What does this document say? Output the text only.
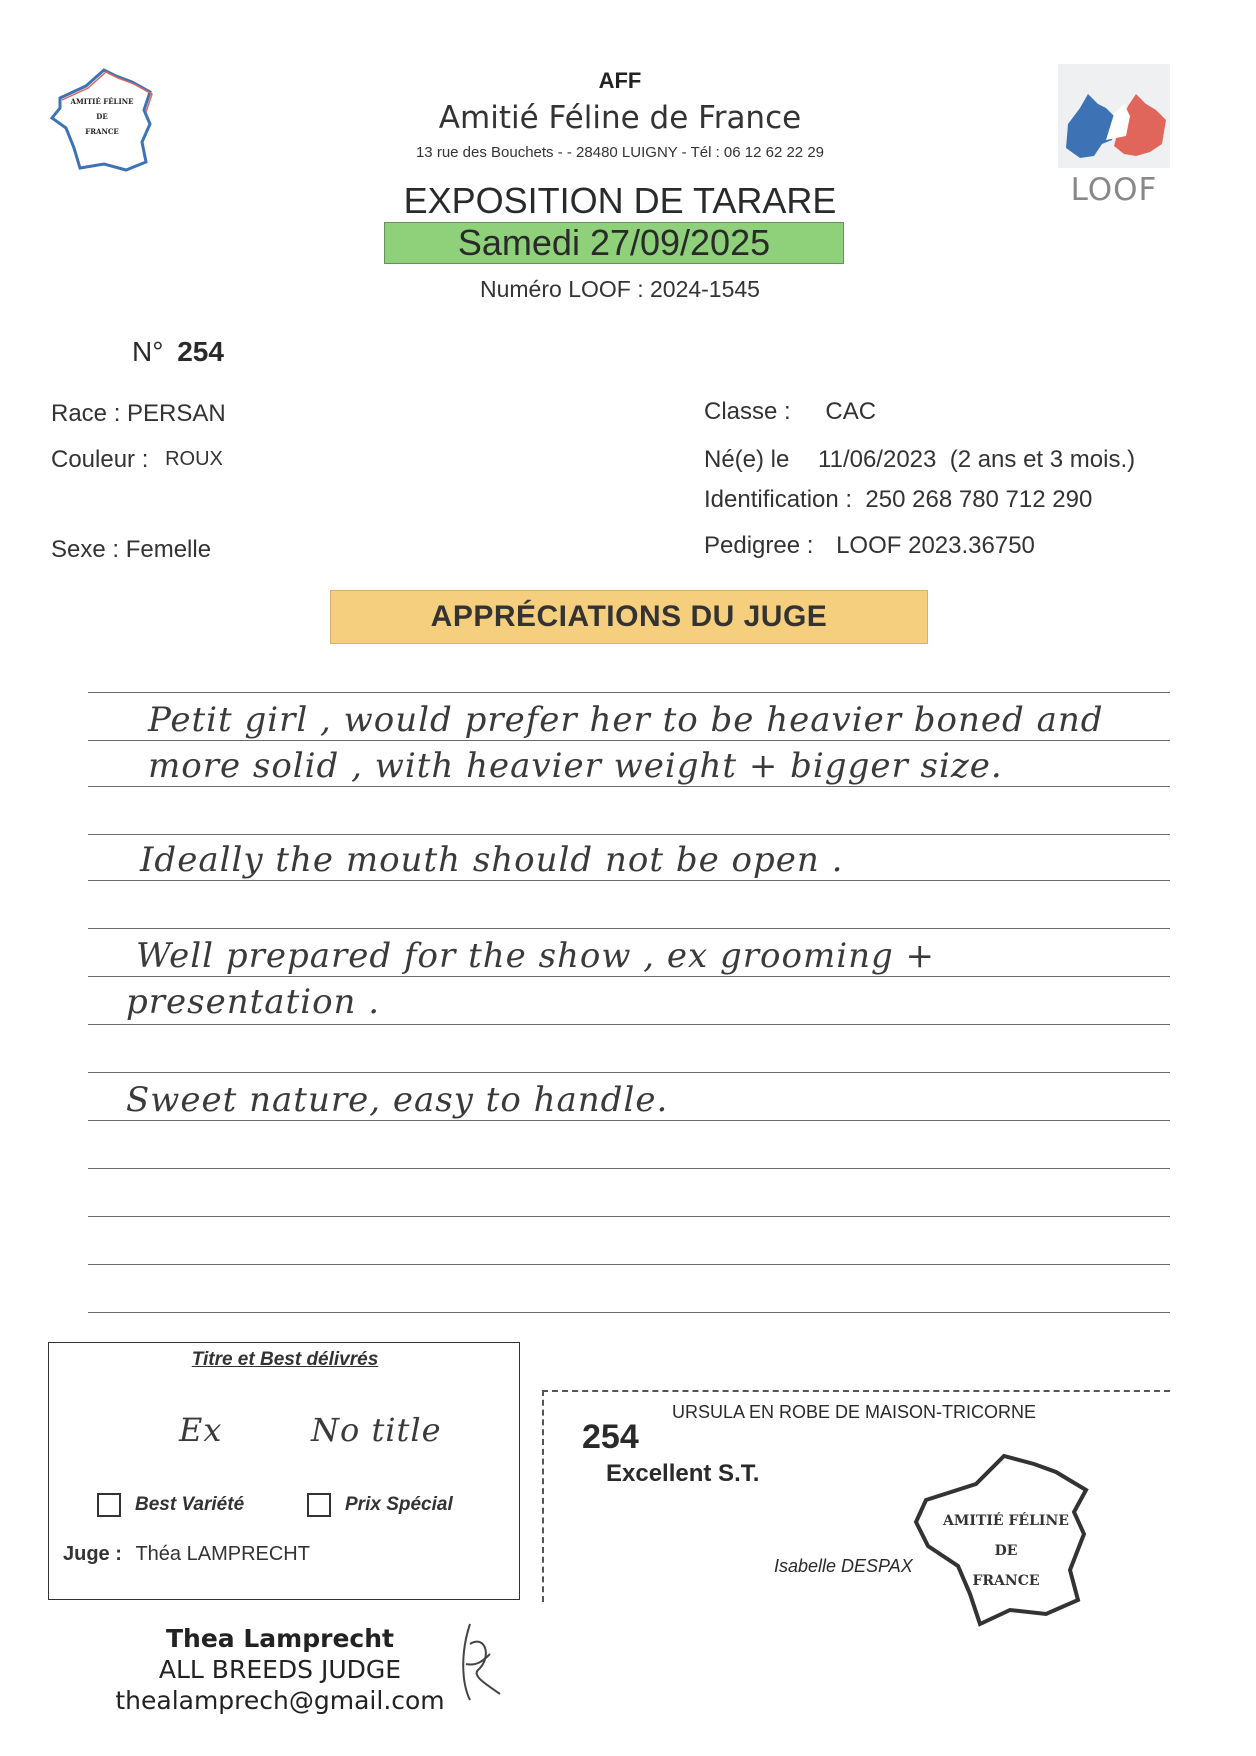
AMITIÉ FÉLINE
DE
FRANCE
AFF
Amitié Féline de France
13 rue des Bouchets - - 28480 LUIGNY - Tél : 06 12 62 22 29
LOOF
EXPOSITION DE TARARE
Samedi 27/09/2025
Numéro LOOF : 2024-1545
N° 254
Race : PERSAN
Couleur : ROUX
Sexe : Femelle
Classe : CAC
Né(e) le 11/06/2023  (2 ans et 3 mois.)
Identification :  250 268 780 712 290
Pedigree : LOOF 2023.36750
APPRÉCIATIONS DU JUGE
Petit girl , would prefer her to be heavier boned and
more solid , with heavier weight + bigger size.
Ideally the mouth should not be open .
Well prepared for the show , ex grooming +
presentation .
Sweet nature, easy to handle.
Titre et Best délivrés
Ex	No title
Best Variété	Prix Spécial
Juge : Théa LAMPRECHT
254
URSULA EN ROBE DE MAISON-TRICORNE
Excellent S.T.
Isabelle DESPAX
AMITIÉ FÉLINE
DE
FRANCE
Thea Lamprecht
ALL BREEDS JUDGE
thealamprech@gmail.com
